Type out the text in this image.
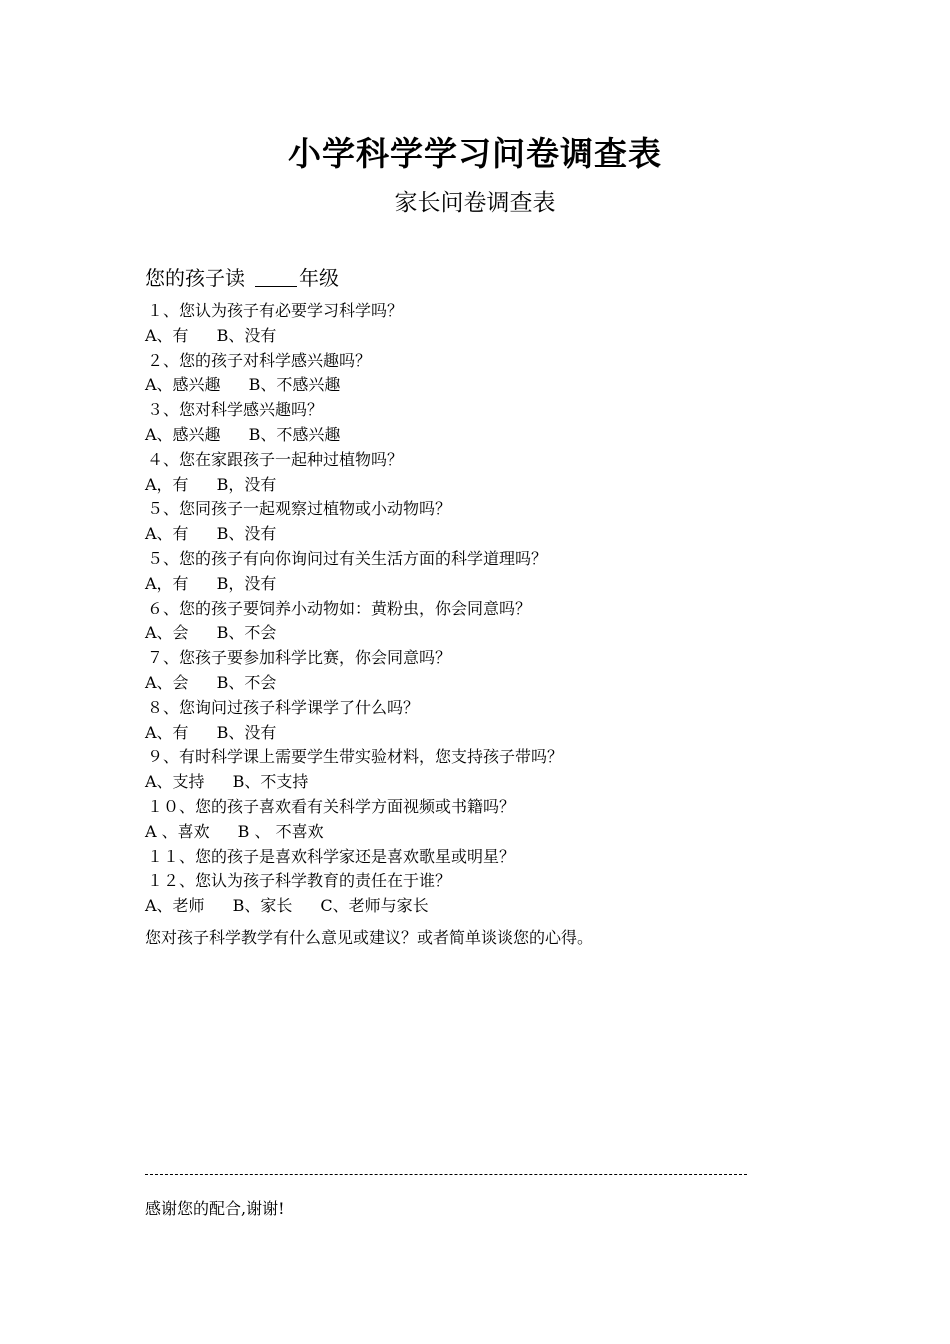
小学科学学习问卷调查表
家长问卷调查表
您的孩子读	年级
１、您认为孩子有必要学习科学吗？
A、有 B、没有
２、您的孩子对科学感兴趣吗？
A、感兴趣 B、不感兴趣
３、您对科学感兴趣吗？
A、感兴趣 B、不感兴趣
４、您在家跟孩子一起种过植物吗？
A，有 B，没有
５、您同孩子一起观察过植物或小动物吗？
A、有 B、没有
５、您的孩子有向你询问过有关生活方面的科学道理吗？
A，有 B，没有
６、您的孩子要饲养小动物如：黄粉虫，你会同意吗？
A、会 B、不会
７、您孩子要参加科学比赛，你会同意吗？
A、会 B、不会
８、您询问过孩子科学课学了什么吗？
A、有 B、没有
９、有时科学课上需要学生带实验材料，您支持孩子带吗？
A、支持 B、不支持
１０、您的孩子喜欢看有关科学方面视频或书籍吗？
A 、喜欢 B 、 不喜欢
１１、您的孩子是喜欢科学家还是喜欢歌星或明星？
１２、您认为孩子科学教育的责任在于谁？
A、老师 B、家长 C、老师与家长
您对孩子科学教学有什么意见或建议？或者简单谈谈您的心得。
感谢您的配合,谢谢!
